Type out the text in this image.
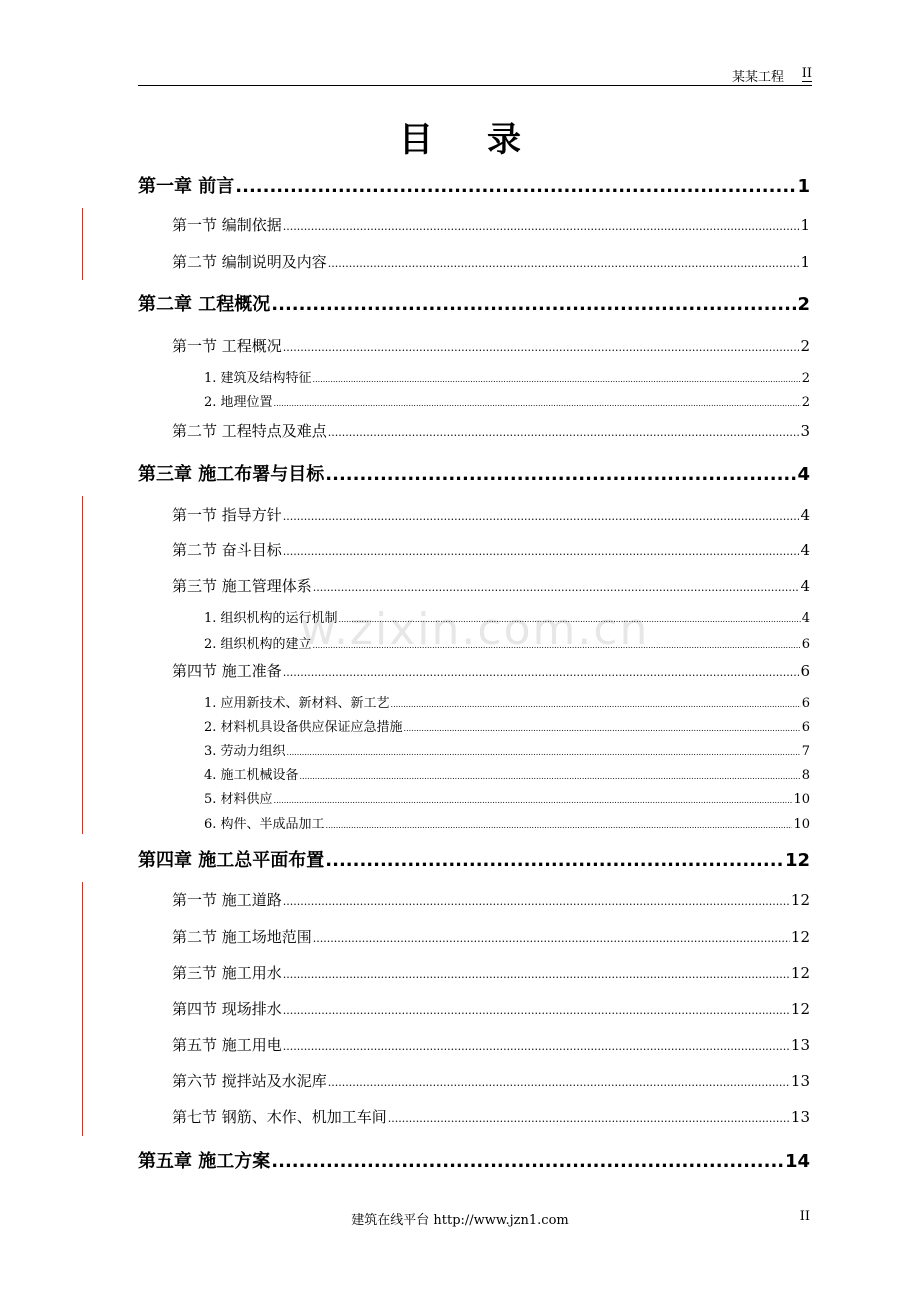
某某工程 II
目录
w.zixin.com.cn
第一章 前言 .....	1
第一节 编制依据 .....	1
第二节 编制说明及内容 .....	1
第二章 工程概况 .....	2
第一节 工程概况 .....	2
1. 建筑及结构特征 .....	2
2. 地理位置 .....	2
第二节 工程特点及难点 .....	3
第三章 施工布署与目标 .....	4
第一节 指导方针 .....	4
第二节 奋斗目标 .....	4
第三节 施工管理体系 .....	4
1. 组织机构的运行机制 .....	4
2. 组织机构的建立 .....	6
第四节 施工准备 .....	6
1. 应用新技术、新材料、新工艺 .....	6
2. 材料机具设备供应保证应急措施 .....	6
3. 劳动力组织 .....	7
4. 施工机械设备 .....	8
5. 材料供应 .....	10
6. 构件、半成品加工 .....	10
第四章 施工总平面布置 .....	12
第一节 施工道路 .....	12
第二节 施工场地范围 .....	12
第三节 施工用水 .....	12
第四节 现场排水 .....	12
第五节 施工用电 .....	13
第六节 搅拌站及水泥库 .....	13
第七节 钢筋、木作、机加工车间 .....	13
第五章 施工方案 .....	14
建筑在线平台 http://www.jzn1.com	II
